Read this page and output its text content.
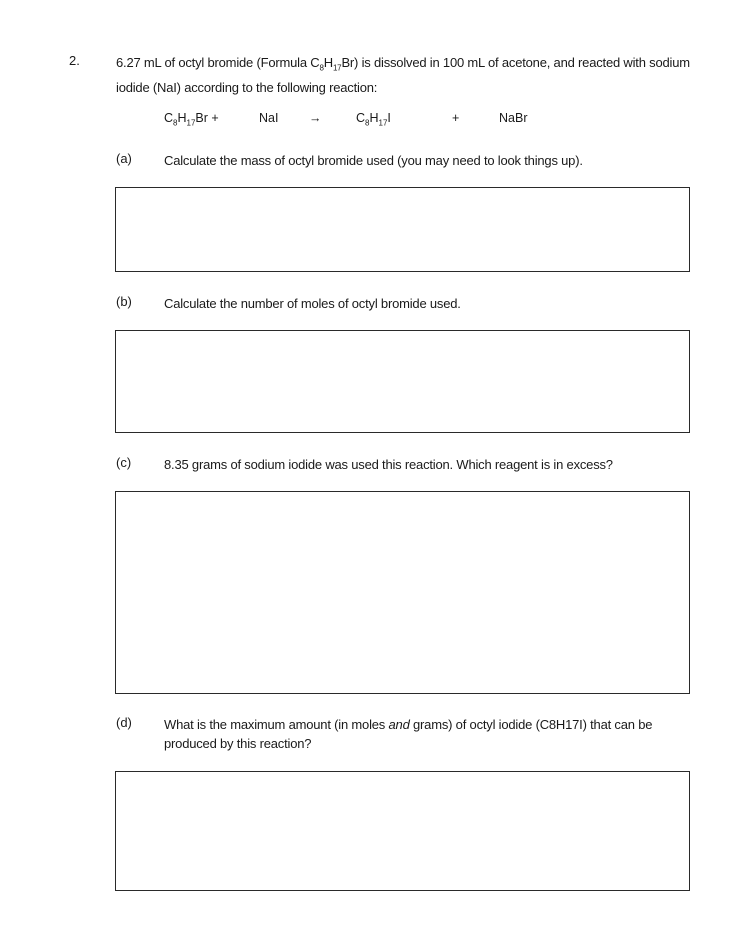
2.	6.27 mL of octyl bromide (Formula $C_8H_{17}Br$) is dissolved in 100 mL of acetone, and reacted with sodium iodide (NaI) according to the following reaction:
$C_8H_{17}Br$ +	NaI →	$C_8H_{17}I$	+	NaBr
(a) Calculate the mass of octyl bromide used (you may need to look things up).
(b) Calculate the number of moles of octyl bromide used.
(c)	8.35 grams of sodium iodide was used this reaction. Which reagent is in excess?
(d) What is the maximum amount (in moles and grams) of octyl iodide (C8H17I) that can be produced by this reaction?
